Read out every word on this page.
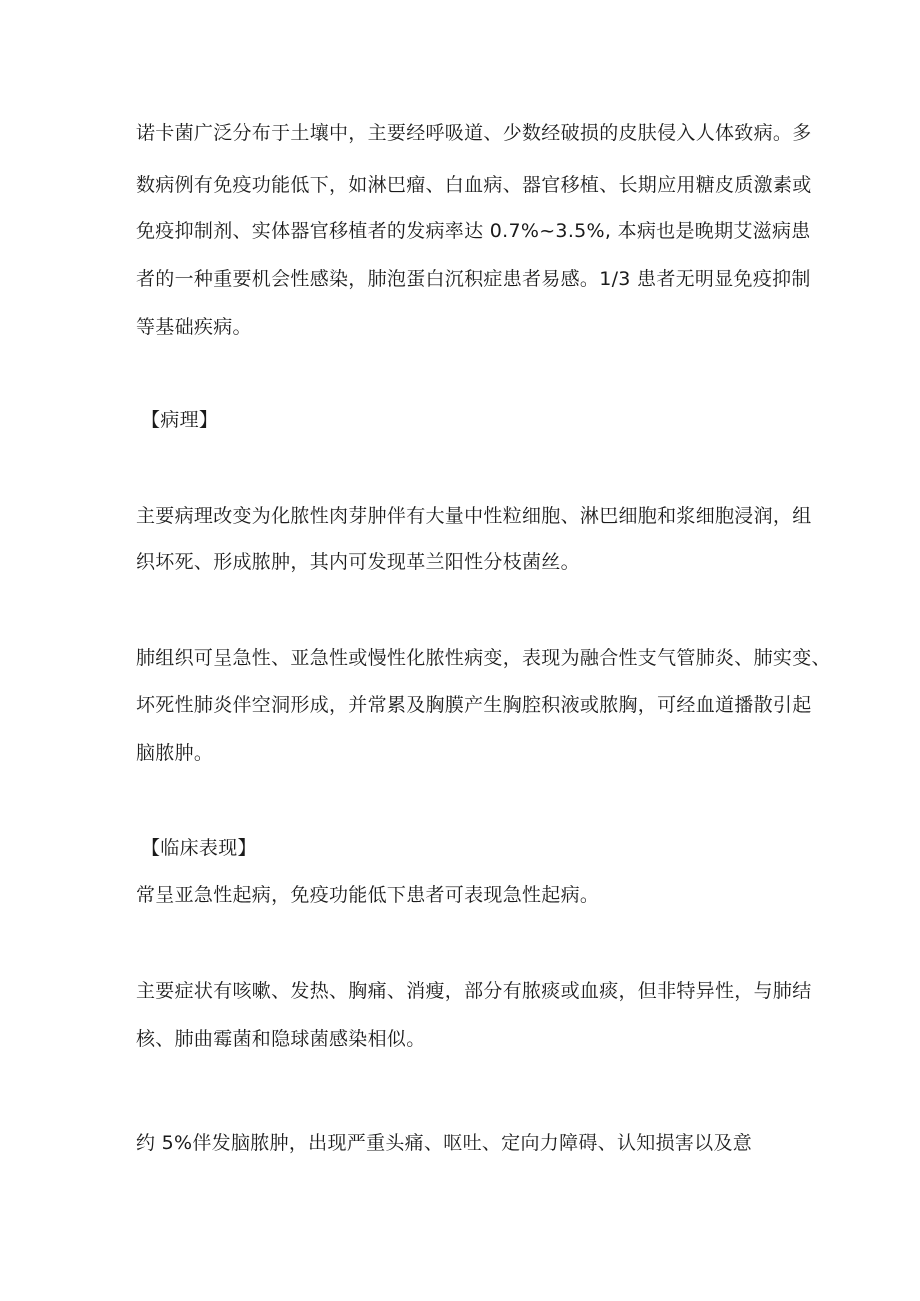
诺卡菌广泛分布于土壤中，主要经呼吸道、少数经破损的皮肤侵入人体致病。多
数病例有免疫功能低下，如淋巴瘤、白血病、器官移植、长期应用糖皮质激素或
免疫抑制剂、实体器官移植者的发病率达 0.7%~3.5%, 本病也是晚期艾滋病患
者的一种重要机会性感染，肺泡蛋白沉积症患者易感。1/3 患者无明显免疫抑制
等基础疾病。
【病理】
主要病理改变为化脓性肉芽肿伴有大量中性粒细胞、淋巴细胞和浆细胞浸润，组
织坏死、形成脓肿，其内可发现革兰阳性分枝菌丝。
肺组织可呈急性、亚急性或慢性化脓性病变，表现为融合性支气管肺炎、肺实变、
坏死性肺炎伴空洞形成，并常累及胸膜产生胸腔积液或脓胸，可经血道播散引起
脑脓肿。
【临床表现】
常呈亚急性起病，免疫功能低下患者可表现急性起病。
主要症状有咳嗽、发热、胸痛、消瘦，部分有脓痰或血痰，但非特异性，与肺结
核、肺曲霉菌和隐球菌感染相似。
约 5%伴发脑脓肿，出现严重头痛、呕吐、定向力障碍、认知损害以及意
